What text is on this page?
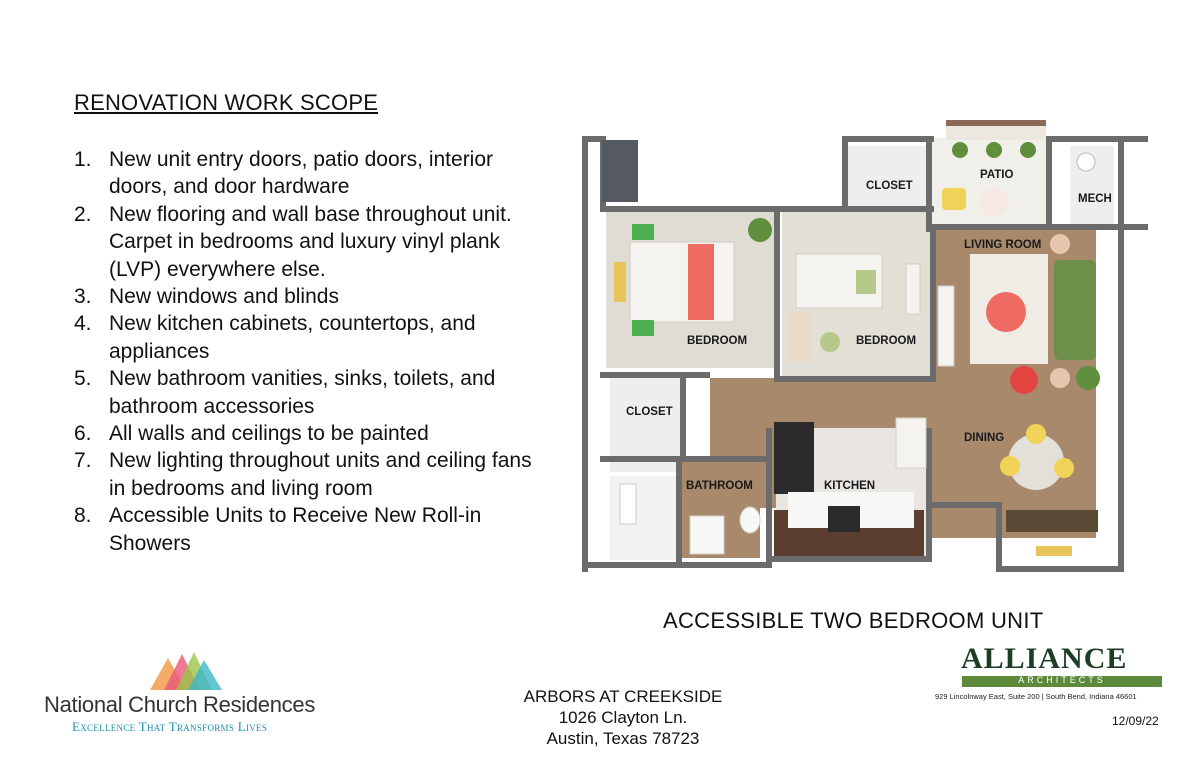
RENOVATION WORK SCOPE
1. New unit entry doors, patio doors, interior doors, and door hardware
2. New flooring and wall base throughout unit. Carpet in bedrooms and luxury vinyl plank (LVP) everywhere else.
3. New windows and blinds
4. New kitchen cabinets, countertops, and appliances
5. New bathroom vanities, sinks, toilets, and bathroom accessories
6. All walls and ceilings to be painted
7. New lighting throughout units and ceiling fans in bedrooms and living room
8. Accessible Units to Receive New Roll-in Showers
CLOSET
PATIO
MECH
LIVING ROOM
BEDROOM	BEDROOM
CLOSET
DINING
BATHROOM	KITCHEN
ACCESSIBLE TWO BEDROOM UNIT
National Church Residences
Excellence That Transforms Lives
ARBORS AT CREEKSIDE
1026 Clayton Ln.
Austin, Texas 78723
ALLIANCE
ARCHITECTS
929 Lincolnway East, Suite 200 | South Bend, Indiana 46601
12/09/22
